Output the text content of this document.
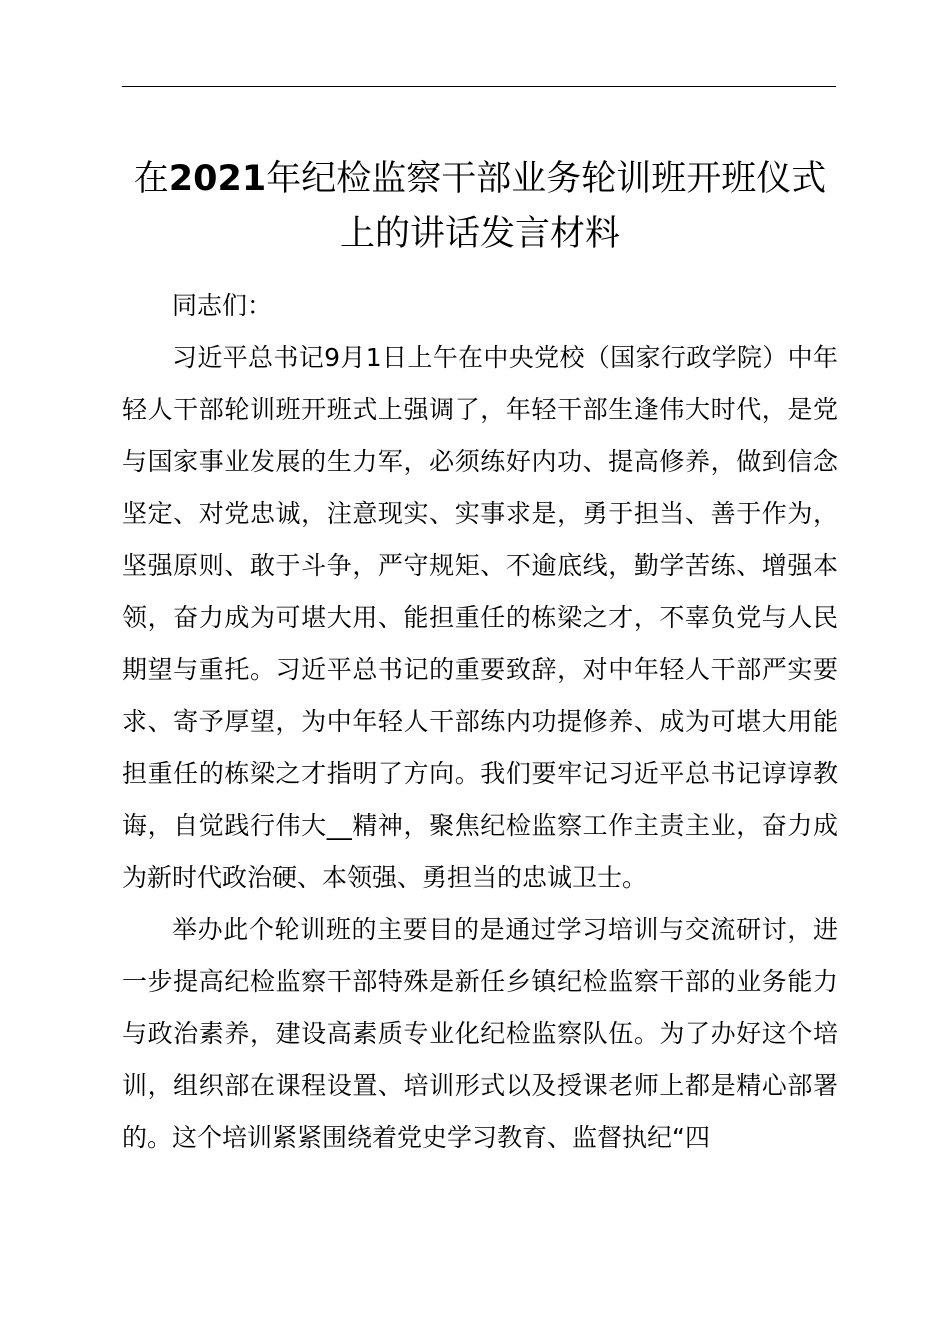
在2021年纪检监察干部业务轮训班开班仪式
上的讲话发言材料

同志们：

习近平总书记9月1日上午在中央党校（国家行政学院）中年轻人干部轮训班开班式上强调了，年轻干部生逢伟大时代，是党与国家事业发展的生力军，必须练好内功、提高修养，做到信念坚定、对党忠诚，注意现实、实事求是，勇于担当、善于作为，坚强原则、敢于斗争，严守规矩、不逾底线，勤学苦练、增强本领，奋力成为可堪大用、能担重任的栋梁之才，不辜负党与人民期望与重托。习近平总书记的重要致辞，对中年轻人干部严实要求、寄予厚望，为中年轻人干部练内功提修养、成为可堪大用能担重任的栋梁之才指明了方向。我们要牢记习近平总书记谆谆教诲，自觉践行伟大__精神，聚焦纪检监察工作主责主业，奋力成为新时代政治硬、本领强、勇担当的忠诚卫士。

举办此个轮训班的主要目的是通过学习培训与交流研讨，进一步提高纪检监察干部特殊是新任乡镇纪检监察干部的业务能力与政治素养，建设高素质专业化纪检监察队伍。为了办好这个培训，组织部在课程设置、培训形式以及授课老师上都是精心部署的。这个培训紧紧围绕着党史学习教育、监督执纪“四
